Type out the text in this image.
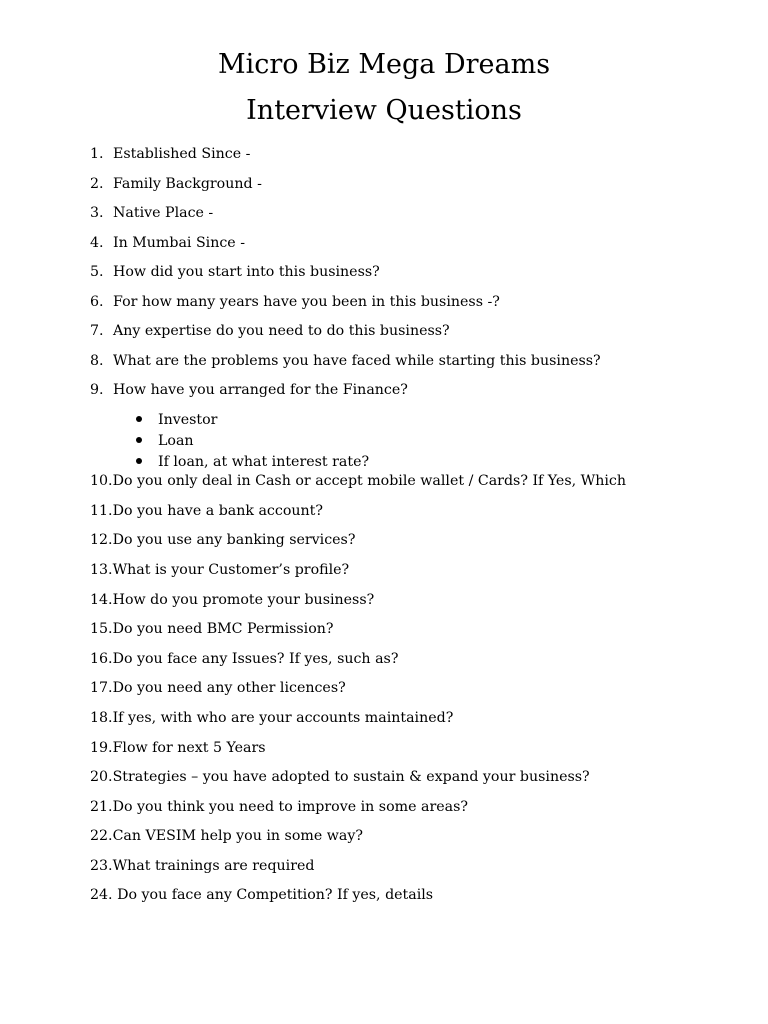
Micro Biz Mega Dreams
Interview Questions
1. Established Since -
2. Family Background -
3. Native Place -
4. In Mumbai Since -
5. How did you start into this business?
6. For how many years have you been in this business -?
7. Any expertise do you need to do this business?
8. What are the problems you have faced while starting this business?
9. How have you arranged for the Finance?
Investor
Loan
If loan, at what interest rate?
10.Do you only deal in Cash or accept mobile wallet / Cards? If Yes, Which
11.Do you have a bank account?
12.Do you use any banking services?
13.What is your Customer’s profile?
14.How do you promote your business?
15.Do you need BMC Permission?
16.Do you face any Issues? If yes, such as?
17.Do you need any other licences?
18.If yes, with who are your accounts maintained?
19.Flow for next 5 Years
20.Strategies – you have adopted to sustain & expand your business?
21.Do you think you need to improve in some areas?
22.Can VESIM help you in some way?
23.What trainings are required
24. Do you face any Competition? If yes, details
